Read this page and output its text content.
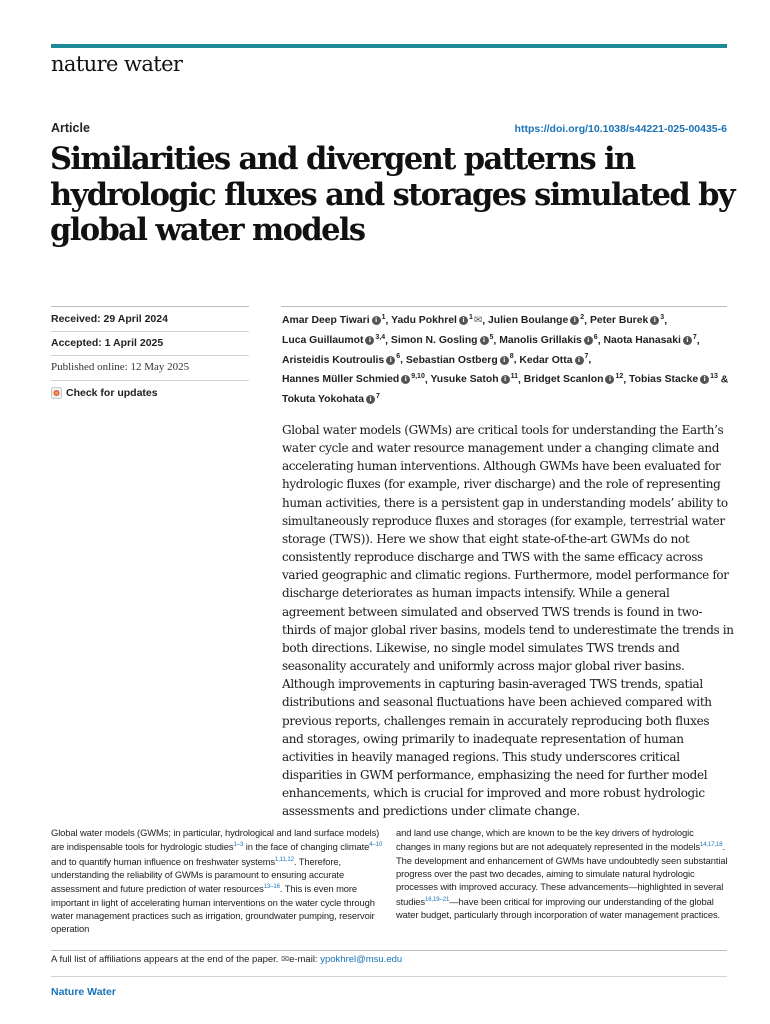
nature water
Article	https://doi.org/10.1038/s44221-025-00435-6
Similarities and divergent patterns in hydrologic fluxes and storages simulated by global water models
Received: 29 April 2024
Accepted: 1 April 2025
Published online: 12 May 2025
Check for updates
Amar Deep Tiwari i $^1$, Yadu Pokhrel i $^1$✉, Julien Boulange i $^2$, Peter Burek i $^3$, Luca Guillaumot i $^{3,4}$, Simon N. Gosling i $^5$, Manolis Grillakis i $^6$, Naota Hanasaki i $^7$, Aristeidis Koutroulis i $^6$, Sebastian Ostberg i $^8$, Kedar Otta i $^7$, Hannes Müller Schmied i $^{9,10}$, Yusuke Satoh i $^{11}$, Bridget Scanlon i $^{12}$, Tobias Stacke i $^{13}$ & Tokuta Yokohata i $^7$

Global water models (GWMs) are critical tools for understanding the Earth’s water cycle and water resource management under a changing climate and accelerating human interventions. Although GWMs have been evaluated for hydrologic fluxes (for example, river discharge) and the role of representing human activities, there is a persistent gap in understanding models’ ability to simultaneously reproduce fluxes and storages (for example, terrestrial water storage (TWS)). Here we show that eight state-of-the-art GWMs do not consistently reproduce discharge and TWS with the same efficacy across varied geographic and climatic regions. Furthermore, model performance for discharge deteriorates as human impacts intensify. While a general agreement between simulated and observed TWS trends is found in two-thirds of major global river basins, models tend to underestimate the trends in both directions. Likewise, no single model simulates TWS trends and seasonality accurately and uniformly across major global river basins. Although improvements in capturing basin-averaged TWS trends, spatial distributions and seasonal fluctuations have been achieved compared with previous reports, challenges remain in accurately reproducing both fluxes and storages, owing primarily to inadequate representation of human activities in heavily managed regions. This study underscores critical disparities in GWM performance, emphasizing the need for further model enhancements, which is crucial for improved and more robust hydrologic assessments and predictions under climate change.

Global water models (GWMs; in particular, hydrological and land surface models) are indispensable tools for hydrologic studies$^{1-3}$ in the face of changing climate$^{4-10}$ and to quantify human influence on freshwater systems$^{1,11,12}$. Therefore, understanding the reliability of GWMs is paramount to ensuring accurate assessment and future prediction of water resources$^{13-16}$. This is even more important in light of accelerating human interventions on the water cycle through water management practices such as irrigation, groundwater pumping, reservoir operation

and land use change, which are known to be the key drivers of hydrologic changes in many regions but are not adequately represented in the models$^{14,17,18}$. The development and enhancement of GWMs have undoubtedly seen substantial progress over the past two decades, aiming to simulate natural hydrologic processes with improved accuracy. These advancements—highlighted in several studies$^{16,19-21}$—have been critical for improving our understanding of the global water budget, particularly through incorporation of water management practices.

A full list of affiliations appears at the end of the paper. ✉e-mail: ypokhrel@msu.edu
Nature Water
